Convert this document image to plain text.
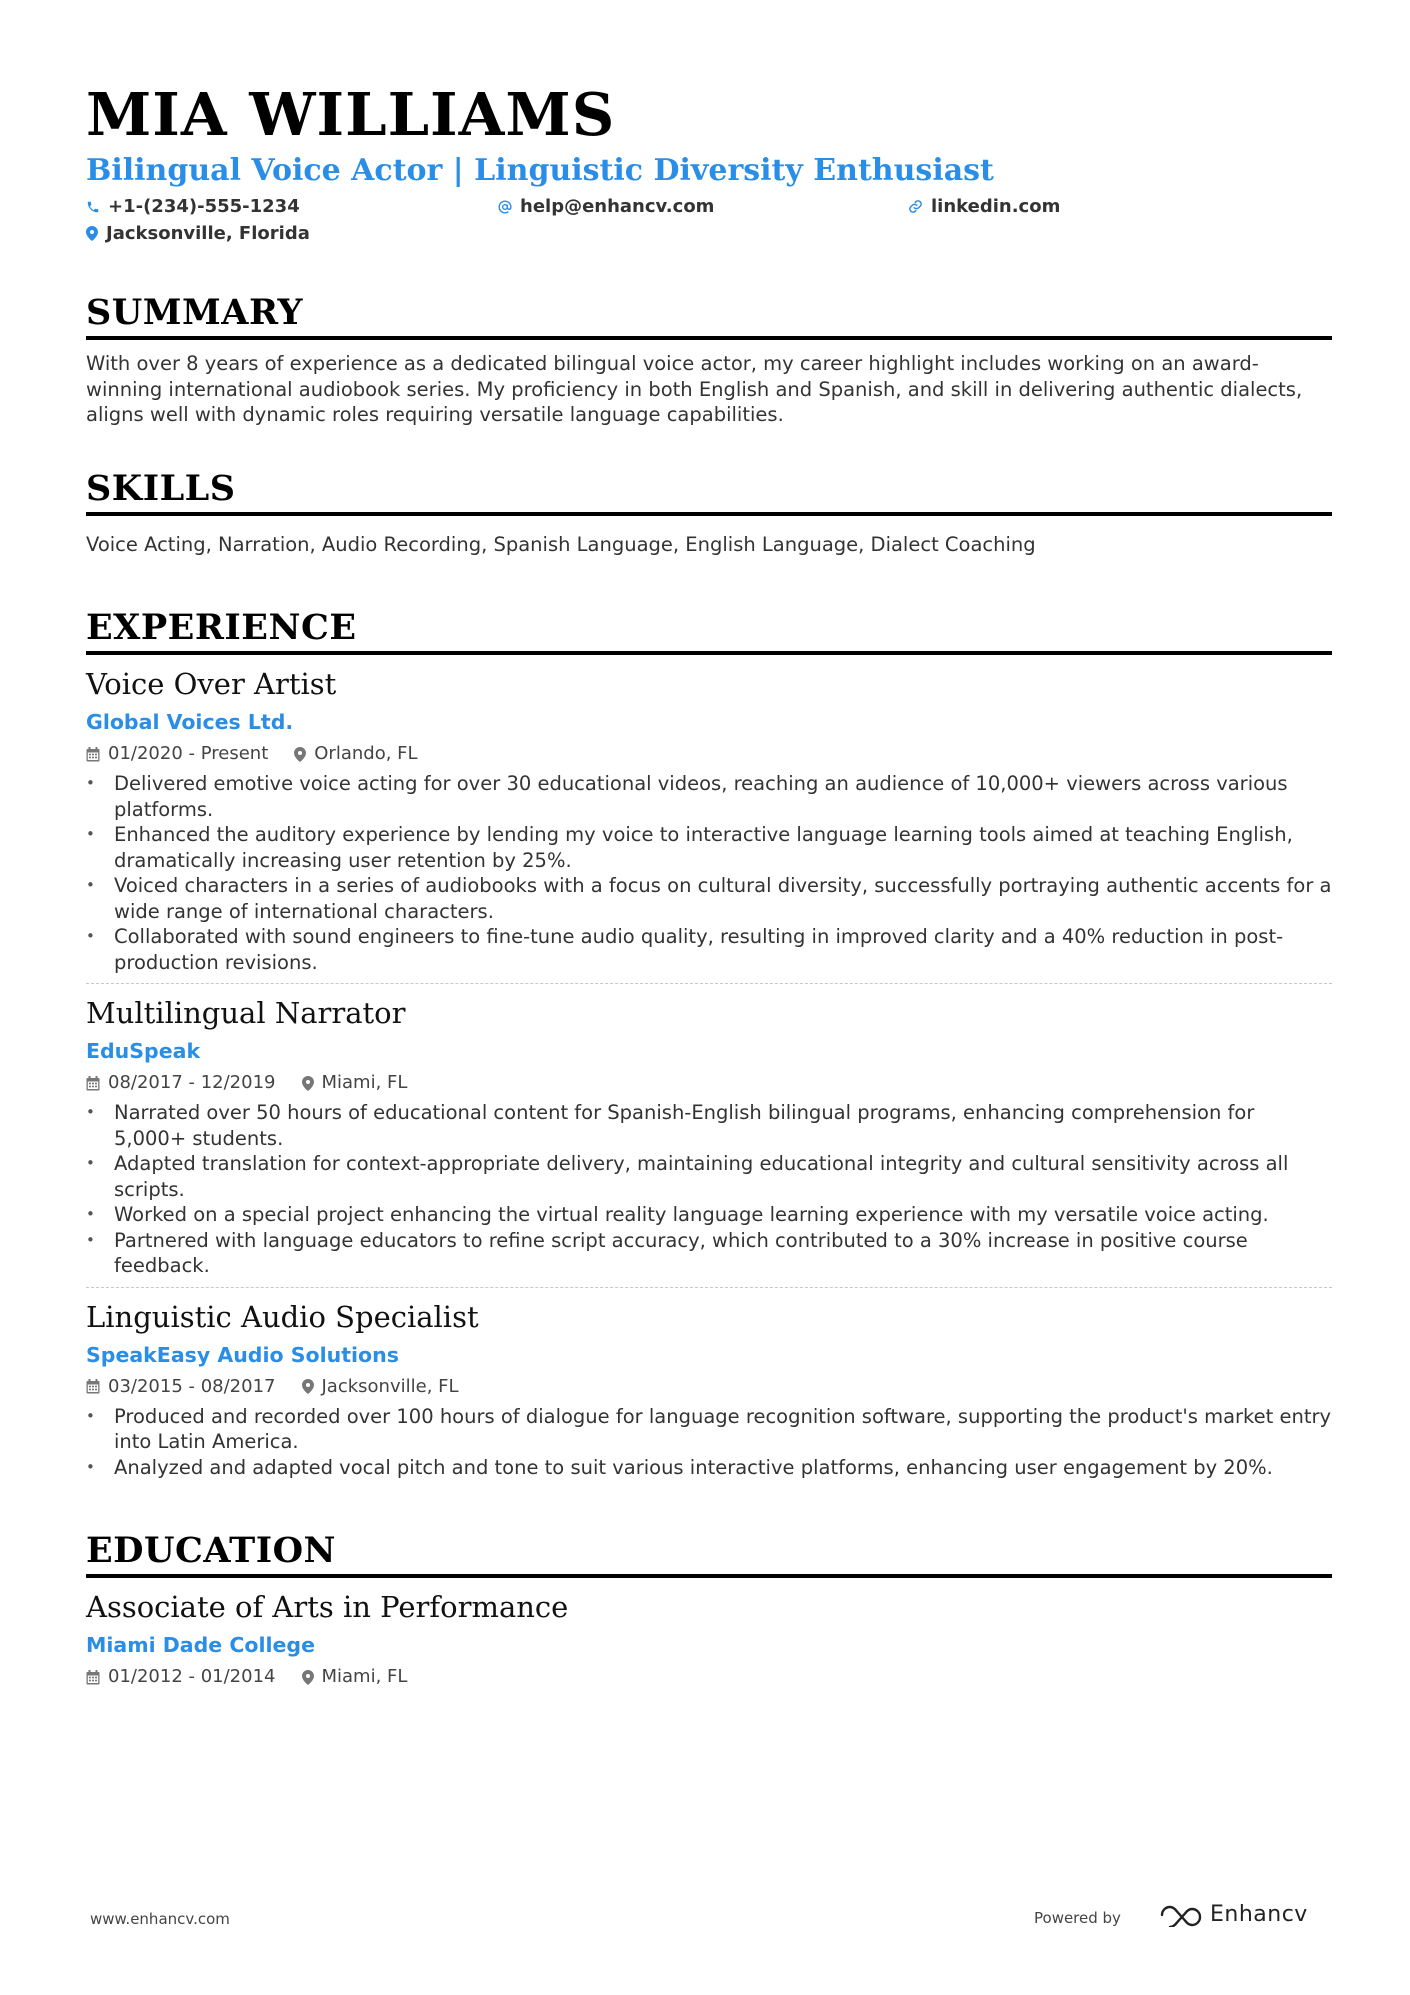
MIA WILLIAMS
Bilingual Voice Actor | Linguistic Diversity Enthusiast
+1-(234)-555-1234	help@enhancv.com	linkedin.com
Jacksonville, Florida
SUMMARY
With over 8 years of experience as a dedicated bilingual voice actor, my career highlight includes working on an award-winning international audiobook series. My proficiency in both English and Spanish, and skill in delivering authentic dialects, aligns well with dynamic roles requiring versatile language capabilities.
SKILLS
Voice Acting, Narration, Audio Recording, Spanish Language, English Language, Dialect Coaching
EXPERIENCE
Voice Over Artist
Global Voices Ltd.
01/2020 - Present	Orlando, FL
• Delivered emotive voice acting for over 30 educational videos, reaching an audience of 10,000+ viewers across various platforms.
• Enhanced the auditory experience by lending my voice to interactive language learning tools aimed at teaching English, dramatically increasing user retention by 25%.
• Voiced characters in a series of audiobooks with a focus on cultural diversity, successfully portraying authentic accents for a wide range of international characters.
• Collaborated with sound engineers to fine-tune audio quality, resulting in improved clarity and a 40% reduction in post-production revisions.
Multilingual Narrator
EduSpeak
08/2017 - 12/2019	Miami, FL
• Narrated over 50 hours of educational content for Spanish-English bilingual programs, enhancing comprehension for 5,000+ students.
• Adapted translation for context-appropriate delivery, maintaining educational integrity and cultural sensitivity across all scripts.
• Worked on a special project enhancing the virtual reality language learning experience with my versatile voice acting.
• Partnered with language educators to refine script accuracy, which contributed to a 30% increase in positive course feedback.
Linguistic Audio Specialist
SpeakEasy Audio Solutions
03/2015 - 08/2017	Jacksonville, FL
• Produced and recorded over 100 hours of dialogue for language recognition software, supporting the product's market entry into Latin America.
• Analyzed and adapted vocal pitch and tone to suit various interactive platforms, enhancing user engagement by 20%.
EDUCATION
Associate of Arts in Performance
Miami Dade College
01/2012 - 01/2014	Miami, FL
www.enhancv.com	Powered by	Enhancv
